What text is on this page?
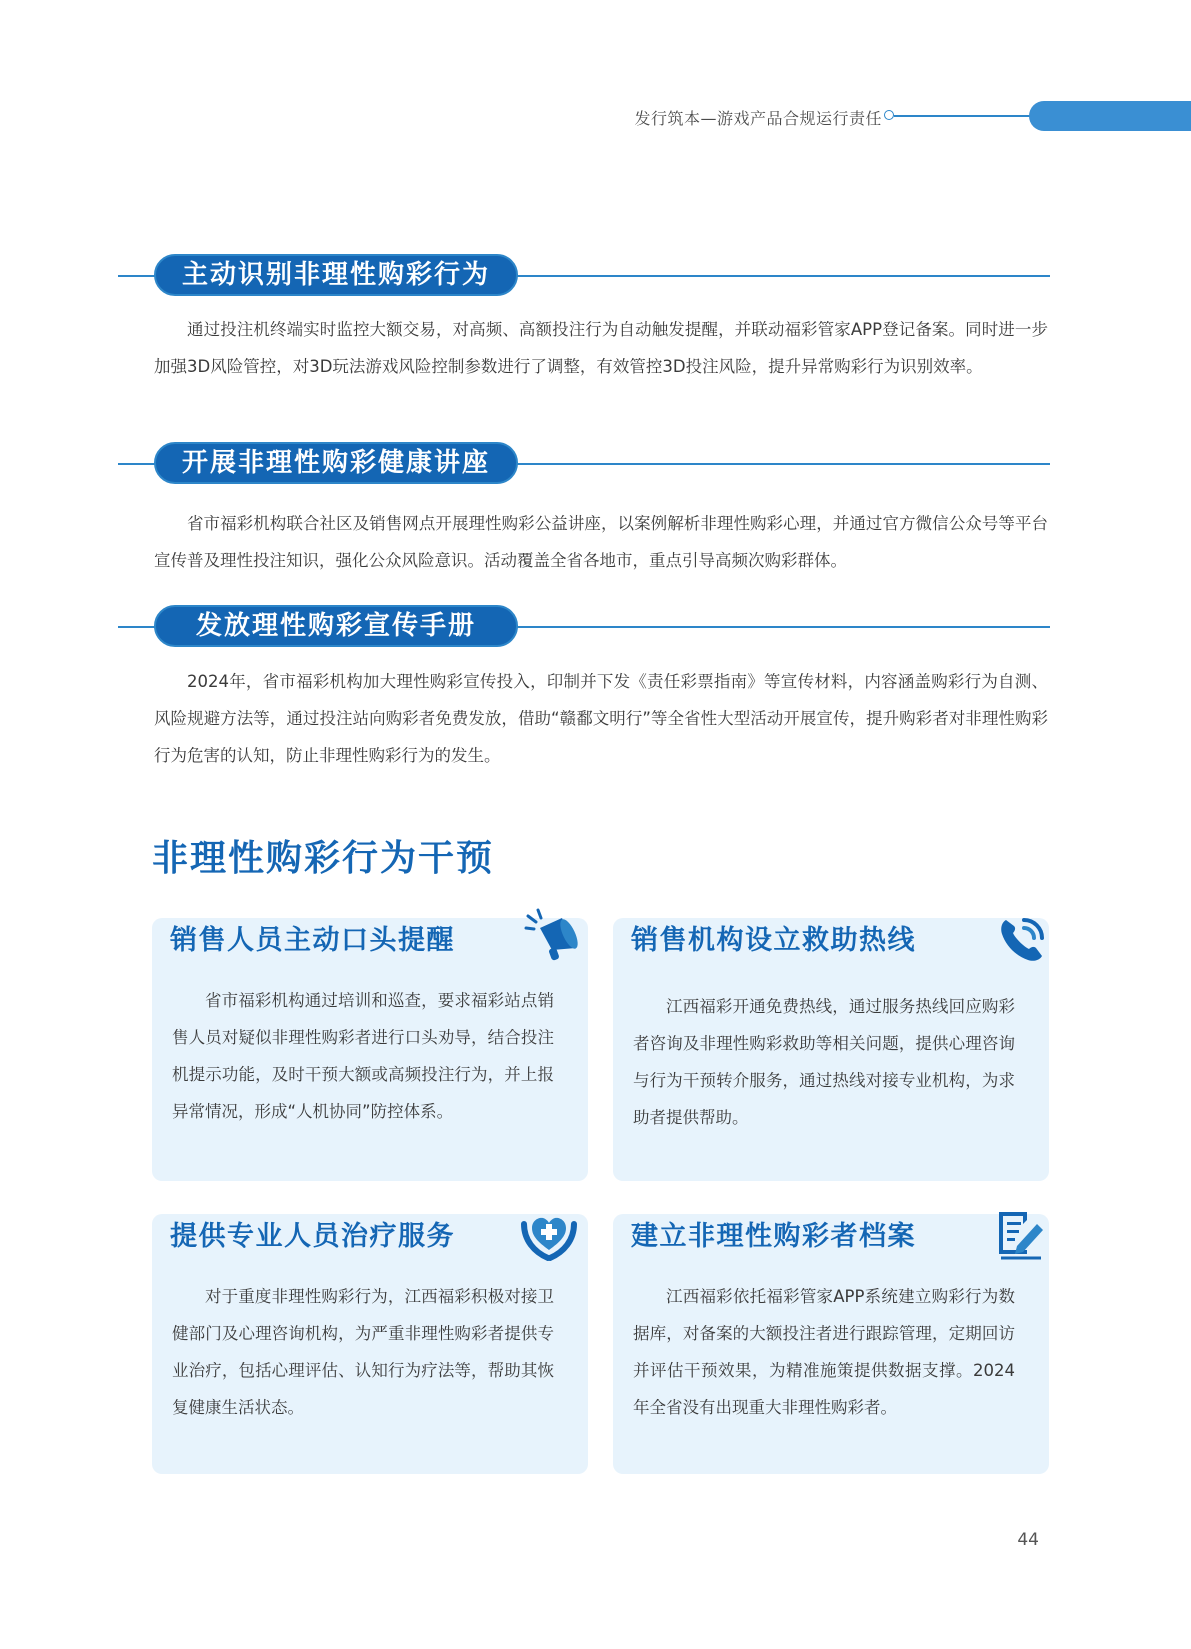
发行筑本—游戏产品合规运行责任
主动识别非理性购彩行为

通过投注机终端实时监控大额交易，对高频、高额投注行为自动触发提醒，并联动福彩管家APP登记备案。同时进一步加强3D风险管控，对3D玩法游戏风险控制参数进行了调整，有效管控3D投注风险，提升异常购彩行为识别效率。

开展非理性购彩健康讲座

省市福彩机构联合社区及销售网点开展理性购彩公益讲座，以案例解析非理性购彩心理，并通过官方微信公众号等平台宣传普及理性投注知识，强化公众风险意识。活动覆盖全省各地市，重点引导高频次购彩群体。

发放理性购彩宣传手册

2024年，省市福彩机构加大理性购彩宣传投入，印制并下发《责任彩票指南》等宣传材料，内容涵盖购彩行为自测、风险规避方法等，通过投注站向购彩者免费发放，借助“赣鄱文明行”等全省性大型活动开展宣传，提升购彩者对非理性购彩行为危害的认知，防止非理性购彩行为的发生。

非理性购彩行为干预
销售人员主动口头提醒

省市福彩机构通过培训和巡查，要求福彩站点销售人员对疑似非理性购彩者进行口头劝导，结合投注机提示功能，及时干预大额或高频投注行为，并上报异常情况，形成“人机协同”防控体系。

销售机构设立救助热线

江西福彩开通免费热线，通过服务热线回应购彩者咨询及非理性购彩救助等相关问题，提供心理咨询与行为干预转介服务，通过热线对接专业机构，为求助者提供帮助。

提供专业人员治疗服务

对于重度非理性购彩行为，江西福彩积极对接卫健部门及心理咨询机构，为严重非理性购彩者提供专业治疗，包括心理评估、认知行为疗法等，帮助其恢复健康生活状态。

建立非理性购彩者档案

江西福彩依托福彩管家APP系统建立购彩行为数据库，对备案的大额投注者进行跟踪管理，定期回访并评估干预效果，为精准施策提供数据支撑。2024年全省没有出现重大非理性购彩者。

44
